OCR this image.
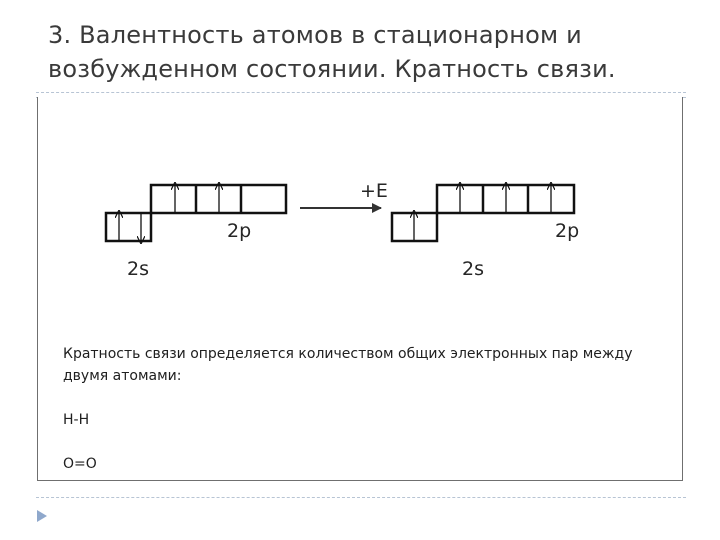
3. Валентность атомов в стационарном и возбужденном состоянии. Кратность связи.
2p
2s
+E
2p
2s

Кратность связи определяется количеством общих электронных пар между двумя атомами:

H-H

O=O
